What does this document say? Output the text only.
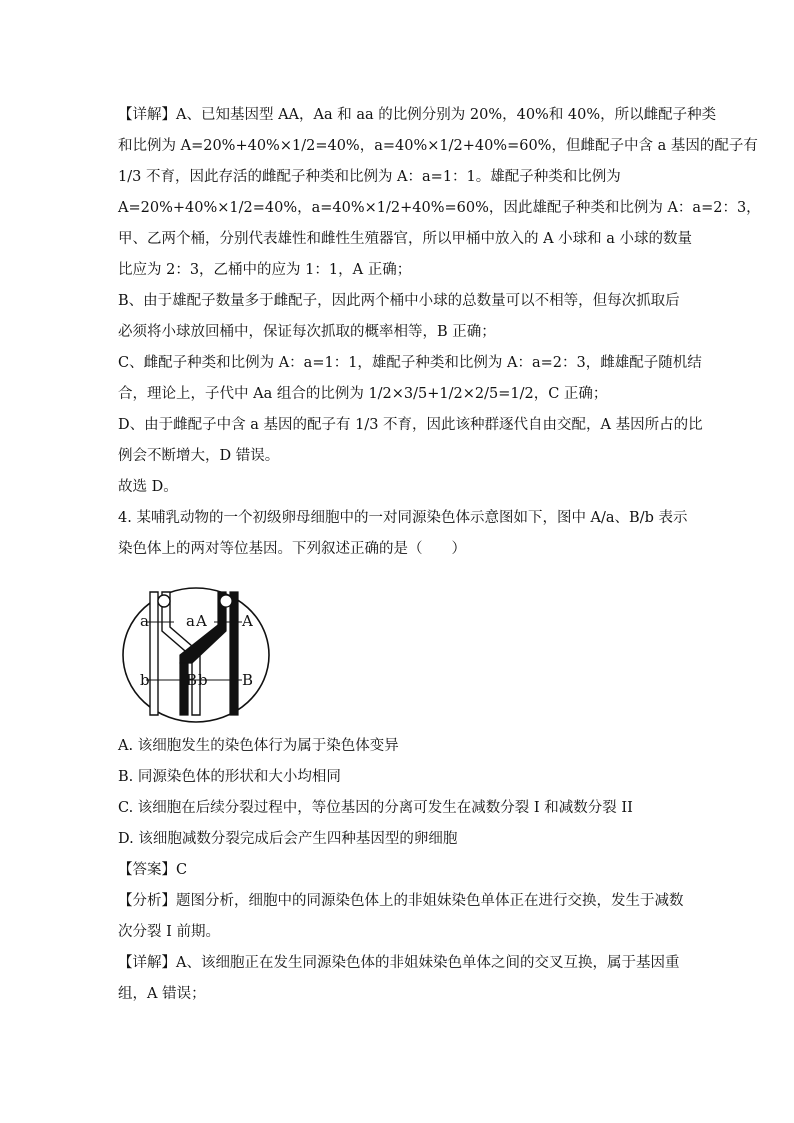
【详解】A、已知基因型 AA，Aa 和 aa 的比例分别为 20%，40%和 40%，所以雌配子种类
和比例为 A=20%+40%×1/2=40%，a=40%×1/2+40%=60%，但雌配子中含 a 基因的配子有
1/3 不育，因此存活的雌配子种类和比例为 A：a=1：1。雄配子种类和比例为
A=20%+40%×1/2=40%，a=40%×1/2+40%=60%，因此雄配子种类和比例为 A：a=2：3，
甲、乙两个桶，分别代表雄性和雌性生殖器官，所以甲桶中放入的 A 小球和 a 小球的数量
比应为 2：3，乙桶中的应为 1：1，A 正确；
B、由于雄配子数量多于雌配子，因此两个桶中小球的总数量可以不相等，但每次抓取后
必须将小球放回桶中，保证每次抓取的概率相等，B 正确；
C、雌配子种类和比例为 A：a=1：1，雄配子种类和比例为 A：a=2：3，雌雄配子随机结
合，理论上，子代中 Aa 组合的比例为 1/2×3/5+1/2×2/5=1/2，C 正确；
D、由于雌配子中含 a 基因的配子有 1/3 不育，因此该种群逐代自由交配，A 基因所占的比
例会不断增大，D 错误。
故选 D。
4. 某哺乳动物的一个初级卵母细胞中的一对同源染色体示意图如下，图中 A/a、B/b 表示
染色体上的两对等位基因。下列叙述正确的是（　　）
a a A A
b B b B
A. 该细胞发生的染色体行为属于染色体变异
B. 同源染色体的形状和大小均相同
C. 该细胞在后续分裂过程中，等位基因的分离可发生在减数分裂 I 和减数分裂 II
D. 该细胞减数分裂完成后会产生四种基因型的卵细胞
【答案】C
【分析】题图分析，细胞中的同源染色体上的非姐妹染色单体正在进行交换，发生于减数
次分裂 I 前期。
【详解】A、该细胞正在发生同源染色体的非姐妹染色单体之间的交叉互换，属于基因重
组，A 错误；
